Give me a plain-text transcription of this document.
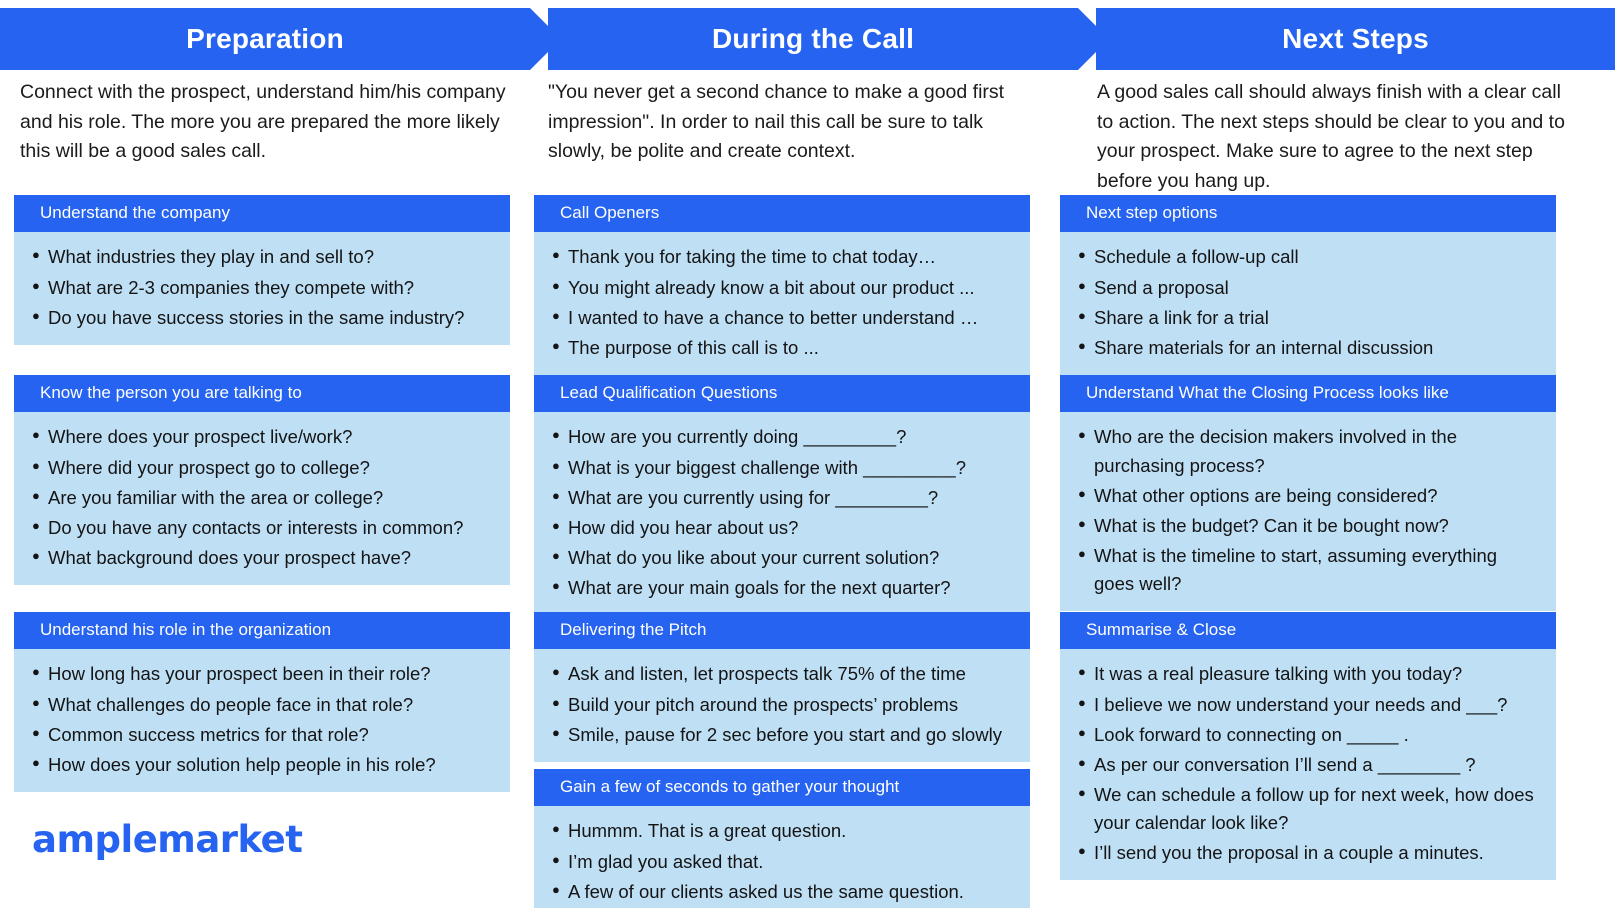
Preparation	During the Call	Next Steps
Connect with the prospect, understand him/his company and his role. The more you are prepared the more likely this will be a good sales call.
"You never get a second chance to make a good first impression". In order to nail this call be sure to talk slowly, be polite and create context.
A good sales call should always finish with a clear call to action. The next steps should be clear to you and to your prospect. Make sure to agree to the next step before you hang up.
Understand the company
● What industries they play in and sell to?
● What are 2-3 companies they compete with?
● Do you have success stories in the same industry?
Know the person you are talking to
● Where does your prospect live/work?
● Where did your prospect go to college?
● Are you familiar with the area or college?
● Do you have any contacts or interests in common?
● What background does your prospect have?
Understand his role in the organization
● How long has your prospect been in their role?
● What challenges do people face in that role?
● Common success metrics for that role?
● How does your solution help people in his role?
Call Openers
● Thank you for taking the time to chat today…
● You might already know a bit about our product ...
● I wanted to have a chance to better understand …
● The purpose of this call is to ...
Lead Qualification Questions
● How are you currently doing _________?
● What is your biggest challenge with _________?
● What are you currently using for _________?
● How did you hear about us?
● What do you like about your current solution?
● What are your main goals for the next quarter?
Delivering the Pitch
● Ask and listen, let prospects talk 75% of the time
● Build your pitch around the prospects’ problems
● Smile, pause for 2 sec before you start and go slowly
Gain a few of seconds to gather your thought
● Hummm. That is a great question.
● I’m glad you asked that.
● A few of our clients asked us the same question.
Next step options
● Schedule a follow-up call
● Send a proposal
● Share a link for a trial
● Share materials for an internal discussion
Understand What the Closing Process looks like
● Who are the decision makers involved in the purchasing process?
● What other options are being considered?
● What is the budget? Can it be bought now?
● What is the timeline to start, assuming everything goes well?
Summarise & Close
● It was a real pleasure talking with you today?
● I believe we now understand your needs and ___?
● Look forward to connecting on _____ .
● As per our conversation I’ll send a ________ ?
● We can schedule a follow up for next week, how does your calendar look like?
● I’ll send you the proposal in a couple a minutes.
amplemarket
